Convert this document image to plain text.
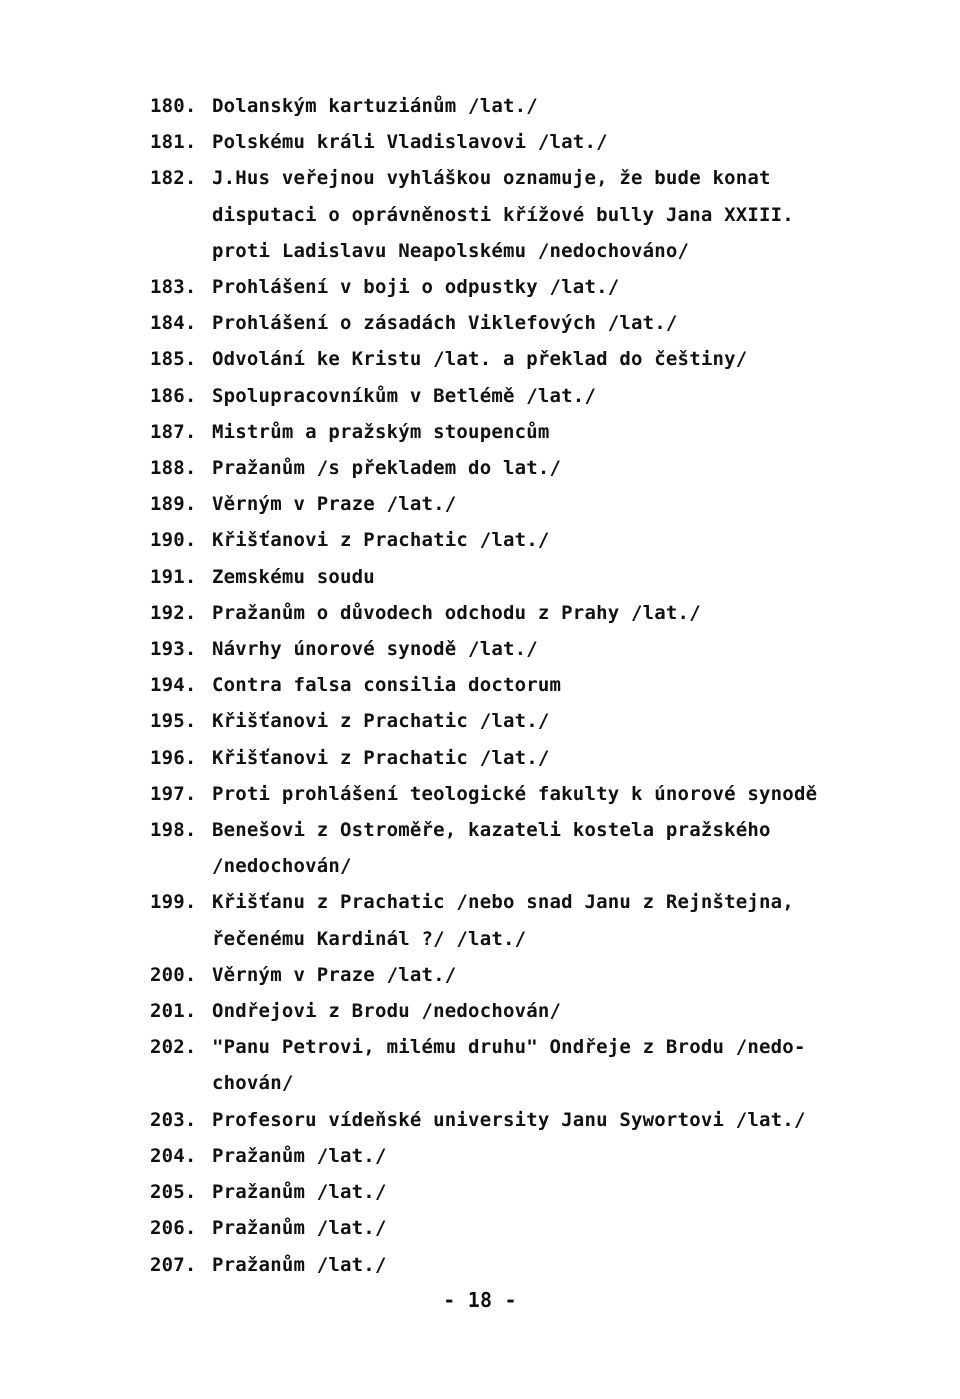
180. Dolanským kartuziánům /lat./
181. Polskému králi Vladislavovi /lat./
182. J.Hus veřejnou vyhláškou oznamuje, že bude konat
disputaci o oprávněnosti křížové bully Jana XXIII.
proti Ladislavu Neapolskému /nedochováno/
183. Prohlášení v boji o odpustky /lat./
184. Prohlášení o zásadách Viklefových /lat./
185. Odvolání ke Kristu /lat. a překlad do češtiny/
186. Spolupracovníkům v Betlémě /lat./
187. Mistrům a pražským stoupencům
188. Pražanům /s překladem do lat./
189. Věrným v Praze /lat./
190. Křišťanovi z Prachatic /lat./
191. Zemskému soudu
192. Pražanům o důvodech odchodu z Prahy /lat./
193. Návrhy únorové synodě /lat./
194. Contra falsa consilia doctorum
195. Křišťanovi z Prachatic /lat./
196. Křišťanovi z Prachatic /lat./
197. Proti prohlášení teologické fakulty k únorové synodě
198. Benešovi z Ostroměře, kazateli kostela pražského
/nedochován/
199. Křišťanu z Prachatic /nebo snad Janu z Rejnštejna,
řečenému Kardinál ?/ /lat./
200. Věrným v Praze /lat./
201. Ondřejovi z Brodu /nedochován/
202. "Panu Petrovi, milému druhu" Ondřeje z Brodu /nedo-
chován/
203. Profesoru vídeňské university Janu Sywortovi /lat./
204. Pražanům /lat./
205. Pražanům /lat./
206. Pražanům /lat./
207. Pražanům /lat./
- 18 -
